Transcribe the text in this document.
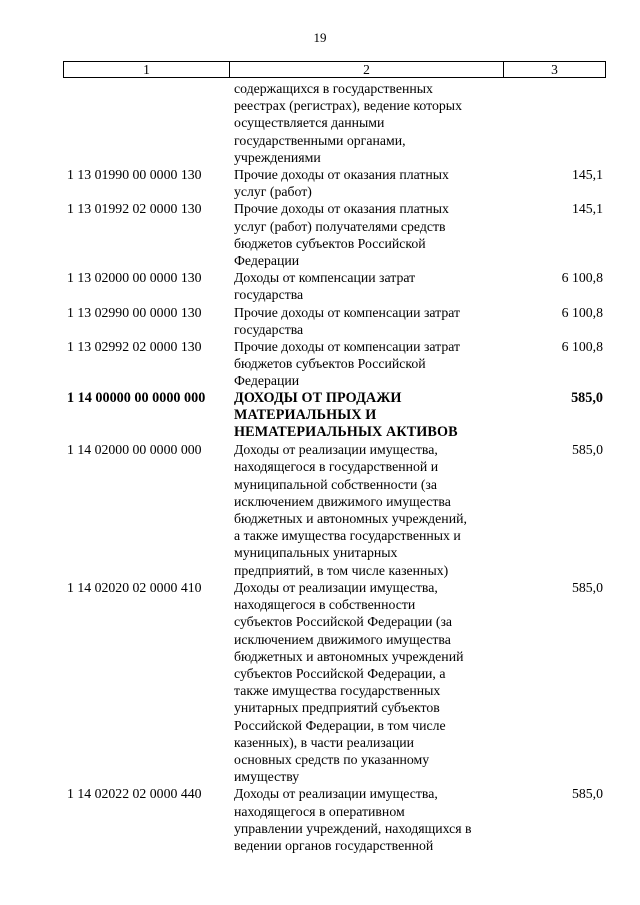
19
1	2	3
содержащихся в государственных
реестрах (регистрах), ведение которых
осуществляется данными
государственными органами,
учреждениями
1 13 01990 00 0000 130 Прочие доходы от оказания платных
услуг (работ)
145,1
1 13 01992 02 0000 130 Прочие доходы от оказания платных
услуг (работ) получателями средств
бюджетов субъектов Российской
Федерации
145,1
1 13 02000 00 0000 130 Доходы от компенсации затрат
государства
6 100,8
1 13 02990 00 0000 130 Прочие доходы от компенсации затрат
государства
6 100,8
1 13 02992 02 0000 130 Прочие доходы от компенсации затрат
бюджетов субъектов Российской
Федерации
6 100,8
1 14 00000 00 0000 000 ДОХОДЫ ОТ ПРОДАЖИ
МАТЕРИАЛЬНЫХ И
НЕМАТЕРИАЛЬНЫХ АКТИВОВ
585,0
1 14 02000 00 0000 000 Доходы от реализации имущества,
находящегося в государственной и
муниципальной собственности (за
исключением движимого имущества
бюджетных и автономных учреждений,
а также имущества государственных и
муниципальных унитарных
предприятий, в том числе казенных)
585,0
1 14 02020 02 0000 410 Доходы от реализации имущества,
находящегося в собственности
субъектов Российской Федерации (за
исключением движимого имущества
бюджетных и автономных учреждений
субъектов Российской Федерации, а
также имущества государственных
унитарных предприятий субъектов
Российской Федерации, в том числе
казенных), в части реализации
основных средств по указанному
имуществу
585,0
1 14 02022 02 0000 440 Доходы от реализации имущества,
находящегося в оперативном
управлении учреждений, находящихся в
ведении органов государственной
585,0
